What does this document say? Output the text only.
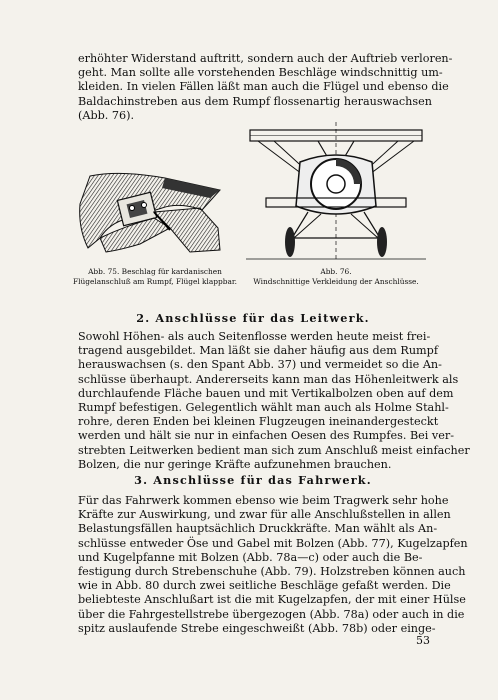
erhöhter Widerstand auftritt, sondern auch der Auftrieb verloren-
geht. Man sollte alle vorstehenden Beschläge windschnittig um-
kleiden. In vielen Fällen läßt man auch die Flügel und ebenso die
Baldachinstreben aus dem Rumpf flossenartig herauswachsen
(Abb. 76).

Abb. 75. Beschlag für kardanischen
Flügelanschluß am Rumpf, Flügel klappbar.

Abb. 76.
Windschnittige Verkleidung der Anschlüsse.

2. Anschlüsse für das Leitwerk.

Sowohl Höhen- als auch Seitenflosse werden heute meist frei-
tragend ausgebildet. Man läßt sie daher häufig aus dem Rumpf
herauswachsen (s. den Spant Abb. 37) und vermeidet so die An-
schlüsse überhaupt. Andererseits kann man das Höhenleitwerk als
durchlaufende Fläche bauen und mit Vertikalbolzen oben auf dem
Rumpf befestigen. Gelegentlich wählt man auch als Holme Stahl-
rohre, deren Enden bei kleinen Flugzeugen ineinandergesteckt
werden und hält sie nur in einfachen Oesen des Rumpfes. Bei ver-
strebten Leitwerken bedient man sich zum Anschluß meist einfacher
Bolzen, die nur geringe Kräfte aufzunehmen brauchen.

3. Anschlüsse für das Fahrwerk.

Für das Fahrwerk kommen ebenso wie beim Tragwerk sehr hohe
Kräfte zur Auswirkung, und zwar für alle Anschlußstellen in allen
Belastungsfällen hauptsächlich Druckkräfte. Man wählt als An-
schlüsse entweder Öse und Gabel mit Bolzen (Abb. 77), Kugelzapfen
und Kugelpfanne mit Bolzen (Abb. 78a—c) oder auch die Be-
festigung durch Strebenschuhe (Abb. 79). Holzstreben können auch
wie in Abb. 80 durch zwei seitliche Beschläge gefaßt werden. Die
beliebteste Anschlußart ist die mit Kugelzapfen, der mit einer Hülse
über die Fahrgestellstrebe übergezogen (Abb. 78a) oder auch in die
spitz auslaufende Strebe eingeschweißt (Abb. 78b) oder einge-

53
